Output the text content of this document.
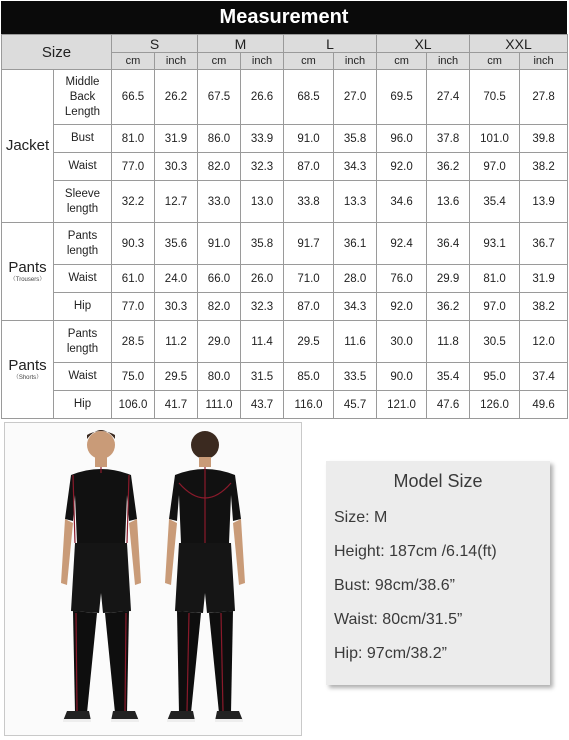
Measurement
Size		S		M		L		XL		XXL	
		cm	inch	cm	inch	cm	inch	cm	inch	cm	inch
Jacket	Middle Back Length	66.5	26.2	67.5	26.6	68.5	27.0	69.5	27.4	70.5	27.8
	Bust	81.0	31.9	86.0	33.9	91.0	35.8	96.0	37.8	101.0	39.8
	Waist	77.0	30.3	82.0	32.3	87.0	34.3	92.0	36.2	97.0	38.2
	Sleeve length	32.2	12.7	33.0	13.0	33.8	13.3	34.6	13.6	35.4	13.9
Pants
（Trousers）	Pants length	90.3	35.6	91.0	35.8	91.7	36.1	92.4	36.4	93.1	36.7
	Waist	61.0	24.0	66.0	26.0	71.0	28.0	76.0	29.9	81.0	31.9
	Hip	77.0	30.3	82.0	32.3	87.0	34.3	92.0	36.2	97.0	38.2
Pants
（Shorts）	Pants length	28.5	11.2	29.0	11.4	29.5	11.6	30.0	11.8	30.5	12.0
	Waist	75.0	29.5	80.0	31.5	85.0	33.5	90.0	35.4	95.0	37.4
	Hip	106.0	41.7	111.0	43.7	116.0	45.7	121.0	47.6	126.0	49.6
Model Size
Size: M
Height: 187cm /6.14(ft)
Bust: 98cm/38.6”
Waist: 80cm/31.5”
Hip: 97cm/38.2”
